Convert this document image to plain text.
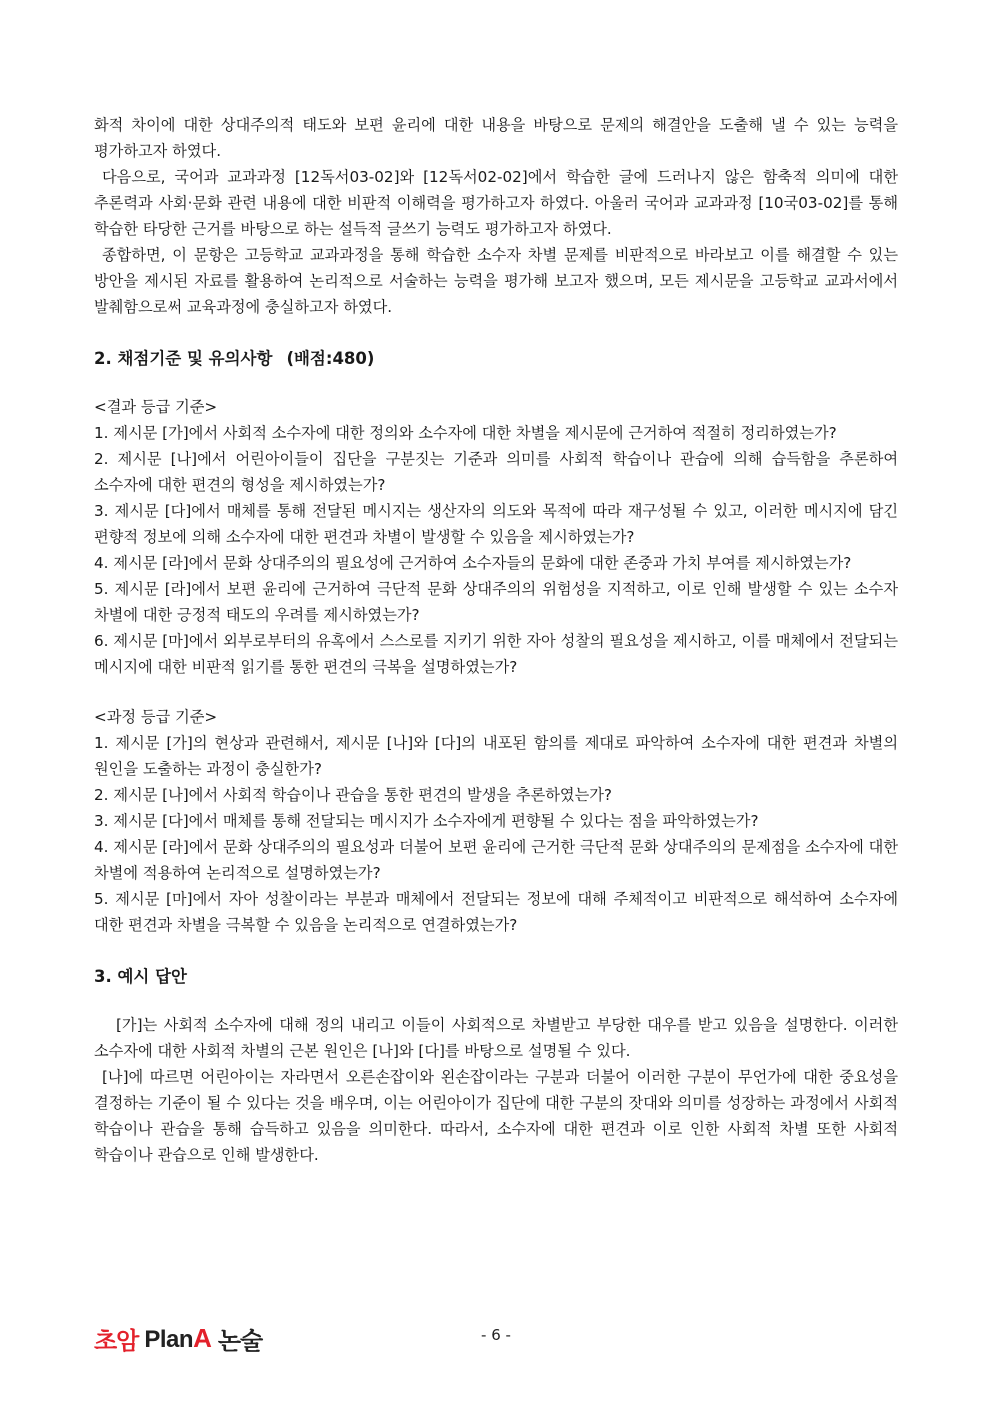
화적 차이에 대한 상대주의적 태도와 보편 윤리에 대한 내용을 바탕으로 문제의 해결안을 도출해 낼 수 있는 능력을 평가하고자 하였다.

다음으로, 국어과 교과과정 [12독서03-02]와 [12독서02-02]에서 학습한 글에 드러나지 않은 함축적 의미에 대한 추론력과 사회·문화 관련 내용에 대한 비판적 이해력을 평가하고자 하였다. 아울러 국어과 교과과정 [10국03-02]를 통해 학습한 타당한 근거를 바탕으로 하는 설득적 글쓰기 능력도 평가하고자 하였다.

종합하면, 이 문항은 고등학교 교과과정을 통해 학습한 소수자 차별 문제를 비판적으로 바라보고 이를 해결할 수 있는 방안을 제시된 자료를 활용하여 논리적으로 서술하는 능력을 평가해 보고자 했으며, 모든 제시문을 고등학교 교과서에서 발췌함으로써 교육과정에 충실하고자 하였다.

2. 채점기준 및 유의사항 (배점:480)

<결과 등급 기준>

1. 제시문 [가]에서 사회적 소수자에 대한 정의와 소수자에 대한 차별을 제시문에 근거하여 적절히 정리하였는가?

2. 제시문 [나]에서 어린아이들이 집단을 구분짓는 기준과 의미를 사회적 학습이나 관습에 의해 습득함을 추론하여 소수자에 대한 편견의 형성을 제시하였는가?

3. 제시문 [다]에서 매체를 통해 전달된 메시지는 생산자의 의도와 목적에 따라 재구성될 수 있고, 이러한 메시지에 담긴 편향적 정보에 의해 소수자에 대한 편견과 차별이 발생할 수 있음을 제시하였는가?

4. 제시문 [라]에서 문화 상대주의의 필요성에 근거하여 소수자들의 문화에 대한 존중과 가치 부여를 제시하였는가?

5. 제시문 [라]에서 보편 윤리에 근거하여 극단적 문화 상대주의의 위험성을 지적하고, 이로 인해 발생할 수 있는 소수자 차별에 대한 긍정적 태도의 우려를 제시하였는가?

6. 제시문 [마]에서 외부로부터의 유혹에서 스스로를 지키기 위한 자아 성찰의 필요성을 제시하고, 이를 매체에서 전달되는 메시지에 대한 비판적 읽기를 통한 편견의 극복을 설명하였는가?

<과정 등급 기준>

1. 제시문 [가]의 현상과 관련해서, 제시문 [나]와 [다]의 내포된 함의를 제대로 파악하여 소수자에 대한 편견과 차별의 원인을 도출하는 과정이 충실한가?

2. 제시문 [나]에서 사회적 학습이나 관습을 통한 편견의 발생을 추론하였는가?

3. 제시문 [다]에서 매체를 통해 전달되는 메시지가 소수자에게 편향될 수 있다는 점을 파악하였는가?

4. 제시문 [라]에서 문화 상대주의의 필요성과 더불어 보편 윤리에 근거한 극단적 문화 상대주의의 문제점을 소수자에 대한 차별에 적용하여 논리적으로 설명하였는가?

5. 제시문 [마]에서 자아 성찰이라는 부분과 매체에서 전달되는 정보에 대해 주체적이고 비판적으로 해석하여 소수자에 대한 편견과 차별을 극복할 수 있음을 논리적으로 연결하였는가?

3. 예시 답안

[가]는 사회적 소수자에 대해 정의 내리고 이들이 사회적으로 차별받고 부당한 대우를 받고 있음을 설명한다. 이러한 소수자에 대한 사회적 차별의 근본 원인은 [나]와 [다]를 바탕으로 설명될 수 있다.

[나]에 따르면 어린아이는 자라면서 오른손잡이와 왼손잡이라는 구분과 더불어 이러한 구분이 무언가에 대한 중요성을 결정하는 기준이 될 수 있다는 것을 배우며, 이는 어린아이가 집단에 대한 구분의 잣대와 의미를 성장하는 과정에서 사회적 학습이나 관습을 통해 습득하고 있음을 의미한다. 따라서, 소수자에 대한 편견과 이로 인한 사회적 차별 또한 사회적 학습이나 관습으로 인해 발생한다.

초암 PlanA 논술	- 6 -
